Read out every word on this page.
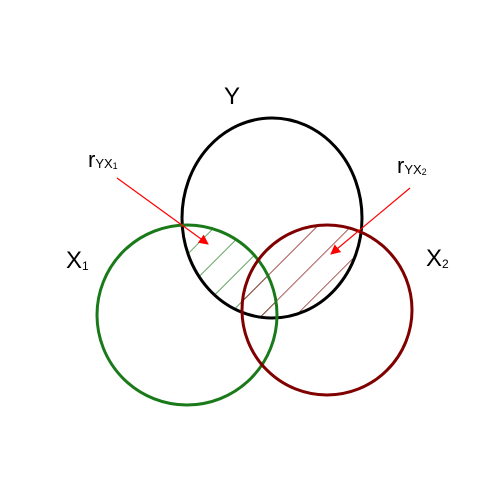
Y
X1	X2
rYX1	rYX2
